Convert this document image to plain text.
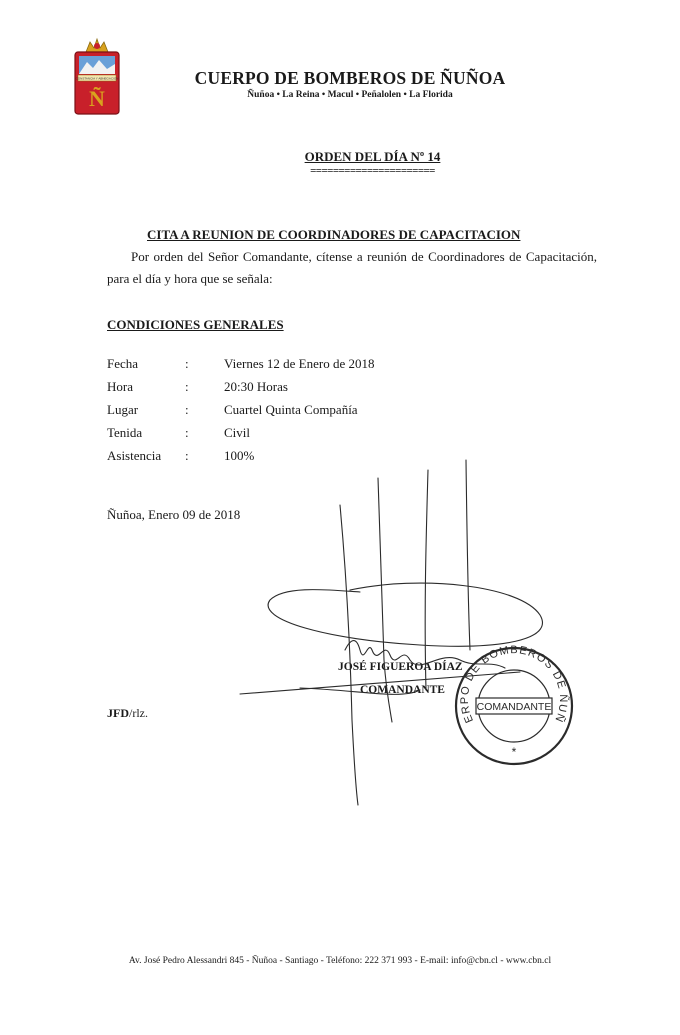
CONSTANCIA Y ABNEGACION
Ñ
CUERPO DE BOMBEROS DE ÑUÑOA
Ñuñoa • La Reina • Macul • Peñalolen • La Florida
ORDEN DEL DÍA Nº 14
======================
CITA A REUNION DE COORDINADORES DE CAPACITACION
Por orden del Señor Comandante, cítense a reunión de Coordinadores de Capacitación, para el día y hora que se señala:
CONDICIONES GENERALES
Fecha	:	Viernes 12 de Enero de 2018
Hora	:	20:30 Horas
Lugar	:	Cuartel Quinta Compañía
Tenida	:	Civil
Asistencia	:	100%
Ñuñoa, Enero 09 de 2018
JOSÉ FIGUEROA DÍAZ
COMANDANTE
CUERPO DE BOMBEROS DE ÑUÑOA
COMANDANTE
*
JFD/rlz.
Av. José Pedro Alessandri 845 - Ñuñoa - Santiago - Teléfono: 222 371 993 - E-mail: info@cbn.cl - www.cbn.cl
